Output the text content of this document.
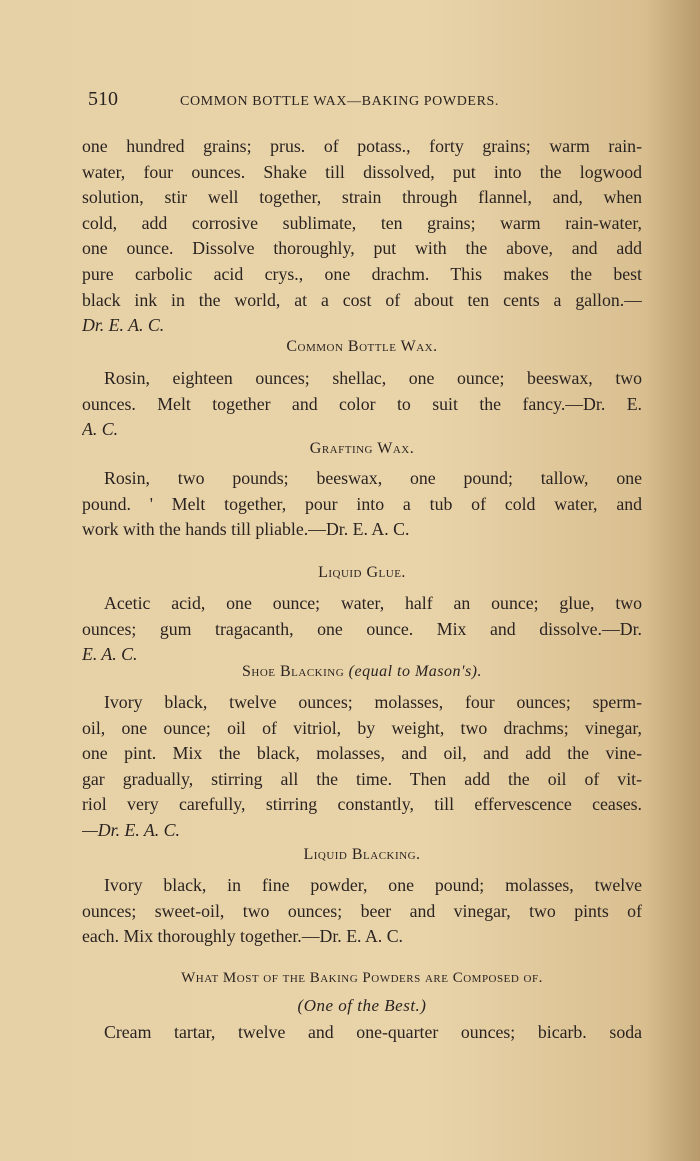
510	COMMON BOTTLE WAX—BAKING POWDERS.
one hundred grains; prus. of potass., forty grains; warm rain-
water, four ounces. Shake till dissolved, put into the logwood
solution, stir well together, strain through flannel, and, when
cold, add corrosive sublimate, ten grains; warm rain-water,
one ounce. Dissolve thoroughly, put with the above, and add
pure carbolic acid crys., one drachm. This makes the best
black ink in the world, at a cost of about ten cents a gallon.—
Dr. E. A. C.
Common Bottle Wax.
Rosin, eighteen ounces; shellac, one ounce; beeswax, two
ounces. Melt together and color to suit the fancy.—Dr. E.
A. C.
Grafting Wax.
Rosin, two pounds; beeswax, one pound; tallow, one
pound. ' Melt together, pour into a tub of cold water, and
work with the hands till pliable.—Dr. E. A. C.
Liquid Glue.
Acetic acid, one ounce; water, half an ounce; glue, two
ounces; gum tragacanth, one ounce. Mix and dissolve.—Dr.
E. A. C.
Shoe Blacking (equal to Mason's).
Ivory black, twelve ounces; molasses, four ounces; sperm-
oil, one ounce; oil of vitriol, by weight, two drachms; vinegar,
one pint. Mix the black, molasses, and oil, and add the vine-
gar gradually, stirring all the time. Then add the oil of vit-
riol very carefully, stirring constantly, till effervescence ceases.
—Dr. E. A. C.
Liquid Blacking.
Ivory black, in fine powder, one pound; molasses, twelve
ounces; sweet-oil, two ounces; beer and vinegar, two pints of
each. Mix thoroughly together.—Dr. E. A. C.
What Most of the Baking Powders are Composed of.
(One of the Best.)
Cream tartar, twelve and one-quarter ounces; bicarb. soda
